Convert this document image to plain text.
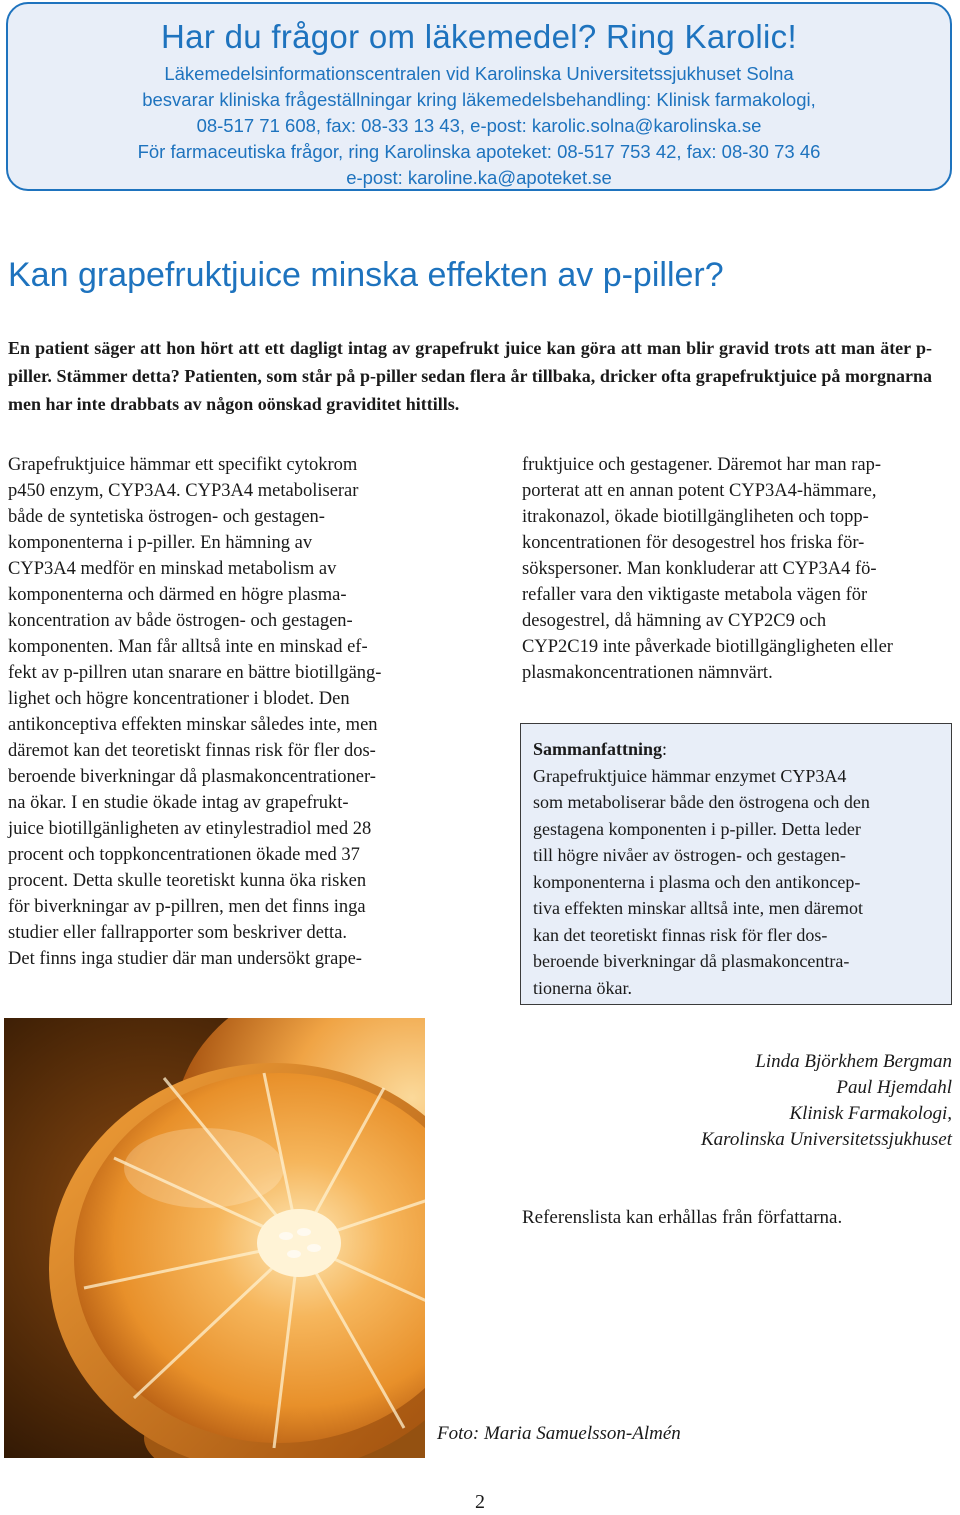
Har du frågor om läkemedel? Ring Karolic!
Läkemedelsinformationscentralen vid Karolinska Universitetssjukhuset Solna
besvarar kliniska frågeställningar kring läkemedelsbehandling: Klinisk farmakologi,
08-517 71 608, fax: 08-33 13 43, e-post: karolic.solna@karolinska.se
För farmaceutiska frågor, ring Karolinska apoteket: 08-517 753 42, fax: 08-30 73 46
e-post: karoline.ka@apoteket.se
Kan grapefruktjuice minska effekten av p-piller?

En patient säger att hon hört att ett dagligt intag av grapefrukt juice kan göra att man blir gravid trots att man äter p-piller. Stämmer detta? Patienten, som står på p-piller sedan flera år tillbaka, dricker ofta grapefruktjuice på morgnarna men har inte drabbats av någon oönskad graviditet hittills.

Grapefruktjuice hämmar ett specifikt cytokrom
p450 enzym, CYP3A4. CYP3A4 metaboliserar
både de syntetiska östrogen- och gestagen-
komponenterna i p-piller. En hämning av
CYP3A4 medför en minskad metabolism av
komponenterna och därmed en högre plasma-
koncentration av både östrogen- och gestagen-
komponenten. Man får alltså inte en minskad ef-
fekt av p-pillren utan snarare en bättre biotillgäng-
lighet och högre koncentrationer i blodet. Den
antikonceptiva effekten minskar således inte, men
däremot kan det teoretiskt finnas risk för fler dos-
beroende biverkningar då plasmakoncentrationer-
na ökar. I en studie ökade intag av grapefrukt-
juice biotillgänligheten av etinylestradiol med 28
procent och toppkoncentrationen ökade med 37
procent. Detta skulle teoretiskt kunna öka risken
för biverkningar av p-pillren, men det finns inga
studier eller fallrapporter som beskriver detta.
Det finns inga studier där man undersökt grape-
fruktjuice och gestagener. Däremot har man rap-
porterat att en annan potent CYP3A4-hämmare,
itrakonazol, ökade biotillgängliheten och topp-
koncentrationen för desogestrel hos friska för-
sökspersoner. Man konkluderar att CYP3A4 fö-
refaller vara den viktigaste metabola vägen för
desogestrel, då hämning av CYP2C9 och
CYP2C19 inte påverkade biotillgängligheten eller
plasmakoncentrationen nämnvärt.
Sammanfattning:
Grapefruktjuice hämmar enzymet CYP3A4
som metaboliserar både den östrogena och den
gestagena komponenten i p-piller. Detta leder
till högre nivåer av östrogen- och gestagen-
komponenterna i plasma och den antikoncep-
tiva effekten minskar alltså inte, men däremot
kan det teoretiskt finnas risk för fler dos-
beroende biverkningar då plasmakoncentra-
tionerna ökar.
Linda Björkhem Bergman
Paul Hjemdahl
Klinisk Farmakologi,
Karolinska Universitetssjukhuset
Referenslista kan erhållas från författarna.
Foto: Maria Samuelsson-Almén
2
